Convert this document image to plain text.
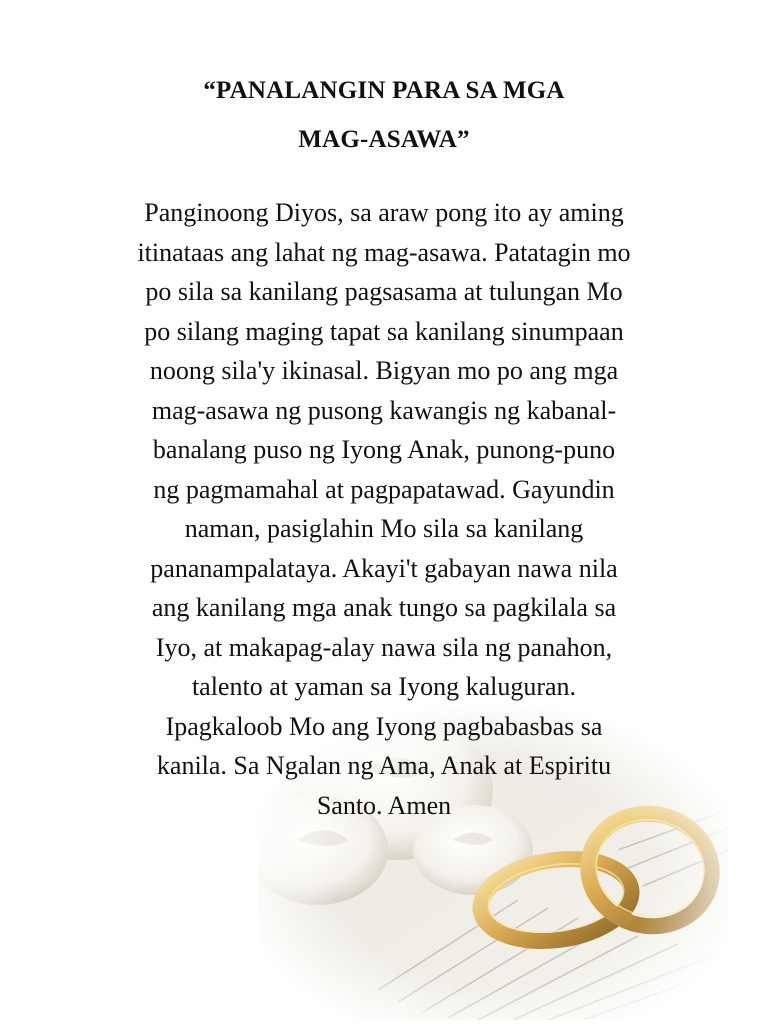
“PANALANGIN PARA SA MGA
MAG-ASAWA”
Panginoong Diyos, sa araw pong ito ay aming
itinataas ang lahat ng mag-asawa. Patatagin mo
po sila sa kanilang pagsasama at tulungan Mo
po silang maging tapat sa kanilang sinumpaan
noong sila'y ikinasal. Bigyan mo po ang mga
mag-asawa ng pusong kawangis ng kabanal-
banalang puso ng Iyong Anak, punong-puno
ng pagmamahal at pagpapatawad. Gayundin
naman, pasiglahin Mo sila sa kanilang
pananampalataya. Akayi't gabayan nawa nila
ang kanilang mga anak tungo sa pagkilala sa
Iyo, at makapag-alay nawa sila ng panahon,
talento at yaman sa Iyong kaluguran.
Ipagkaloob Mo ang Iyong pagbabasbas sa
kanila. Sa Ngalan ng Ama, Anak at Espiritu
Santo. Amen
